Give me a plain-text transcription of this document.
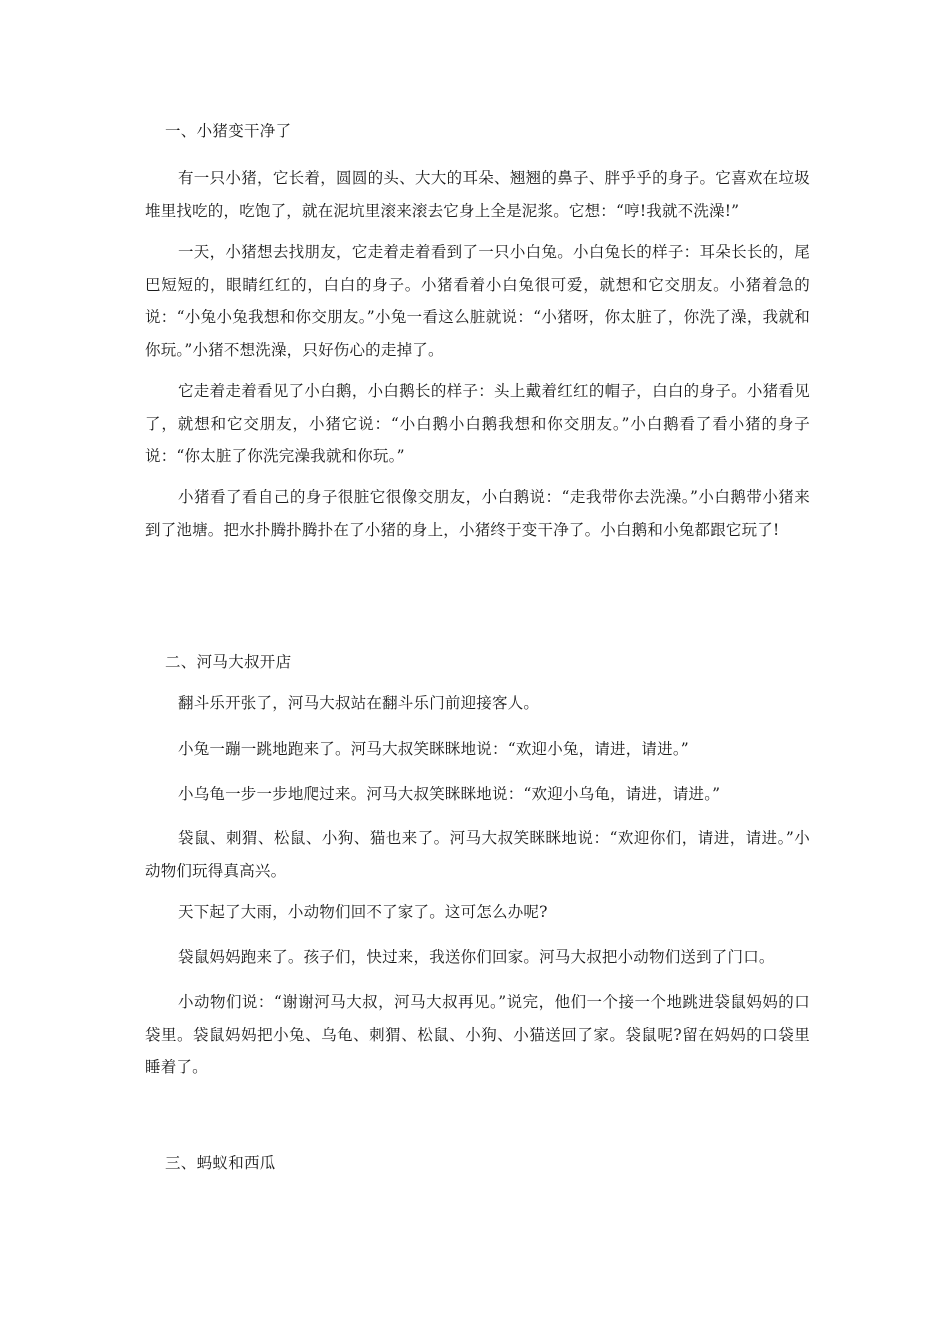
一、小猪变干净了

有一只小猪，它长着，圆圆的头、大大的耳朵、翘翘的鼻子、胖乎乎的身子。它喜欢在垃圾堆里找吃的，吃饱了，就在泥坑里滚来滚去它身上全是泥浆。它想：“哼!我就不洗澡!”

一天，小猪想去找朋友，它走着走着看到了一只小白兔。小白兔长的样子：耳朵长长的，尾巴短短的，眼睛红红的，白白的身子。小猪看着小白兔很可爱，就想和它交朋友。小猪着急的说：“小兔小兔我想和你交朋友。”小兔一看这么脏就说：“小猪呀，你太脏了，你洗了澡，我就和你玩。”小猪不想洗澡，只好伤心的走掉了。

它走着走着看见了小白鹅，小白鹅长的样子：头上戴着红红的帽子，白白的身子。小猪看见了，就想和它交朋友，小猪它说：“小白鹅小白鹅我想和你交朋友。”小白鹅看了看小猪的身子说：“你太脏了你洗完澡我就和你玩。”

小猪看了看自己的身子很脏它很像交朋友，小白鹅说：“走我带你去洗澡。”小白鹅带小猪来到了池塘。把水扑腾扑腾扑在了小猪的身上，小猪终于变干净了。小白鹅和小兔都跟它玩了!

二、河马大叔开店

翻斗乐开张了，河马大叔站在翻斗乐门前迎接客人。

小兔一蹦一跳地跑来了。河马大叔笑眯眯地说：“欢迎小兔，请进，请进。”

小乌龟一步一步地爬过来。河马大叔笑眯眯地说：“欢迎小乌龟，请进，请进。”

袋鼠、刺猬、松鼠、小狗、猫也来了。河马大叔笑眯眯地说：“欢迎你们，请进，请进。”小动物们玩得真高兴。

天下起了大雨，小动物们回不了家了。这可怎么办呢?

袋鼠妈妈跑来了。孩子们，快过来，我送你们回家。河马大叔把小动物们送到了门口。

小动物们说：“谢谢河马大叔，河马大叔再见。”说完，他们一个接一个地跳进袋鼠妈妈的口袋里。袋鼠妈妈把小兔、乌龟、刺猬、松鼠、小狗、小猫送回了家。袋鼠呢?留在妈妈的口袋里睡着了。

三、蚂蚁和西瓜
